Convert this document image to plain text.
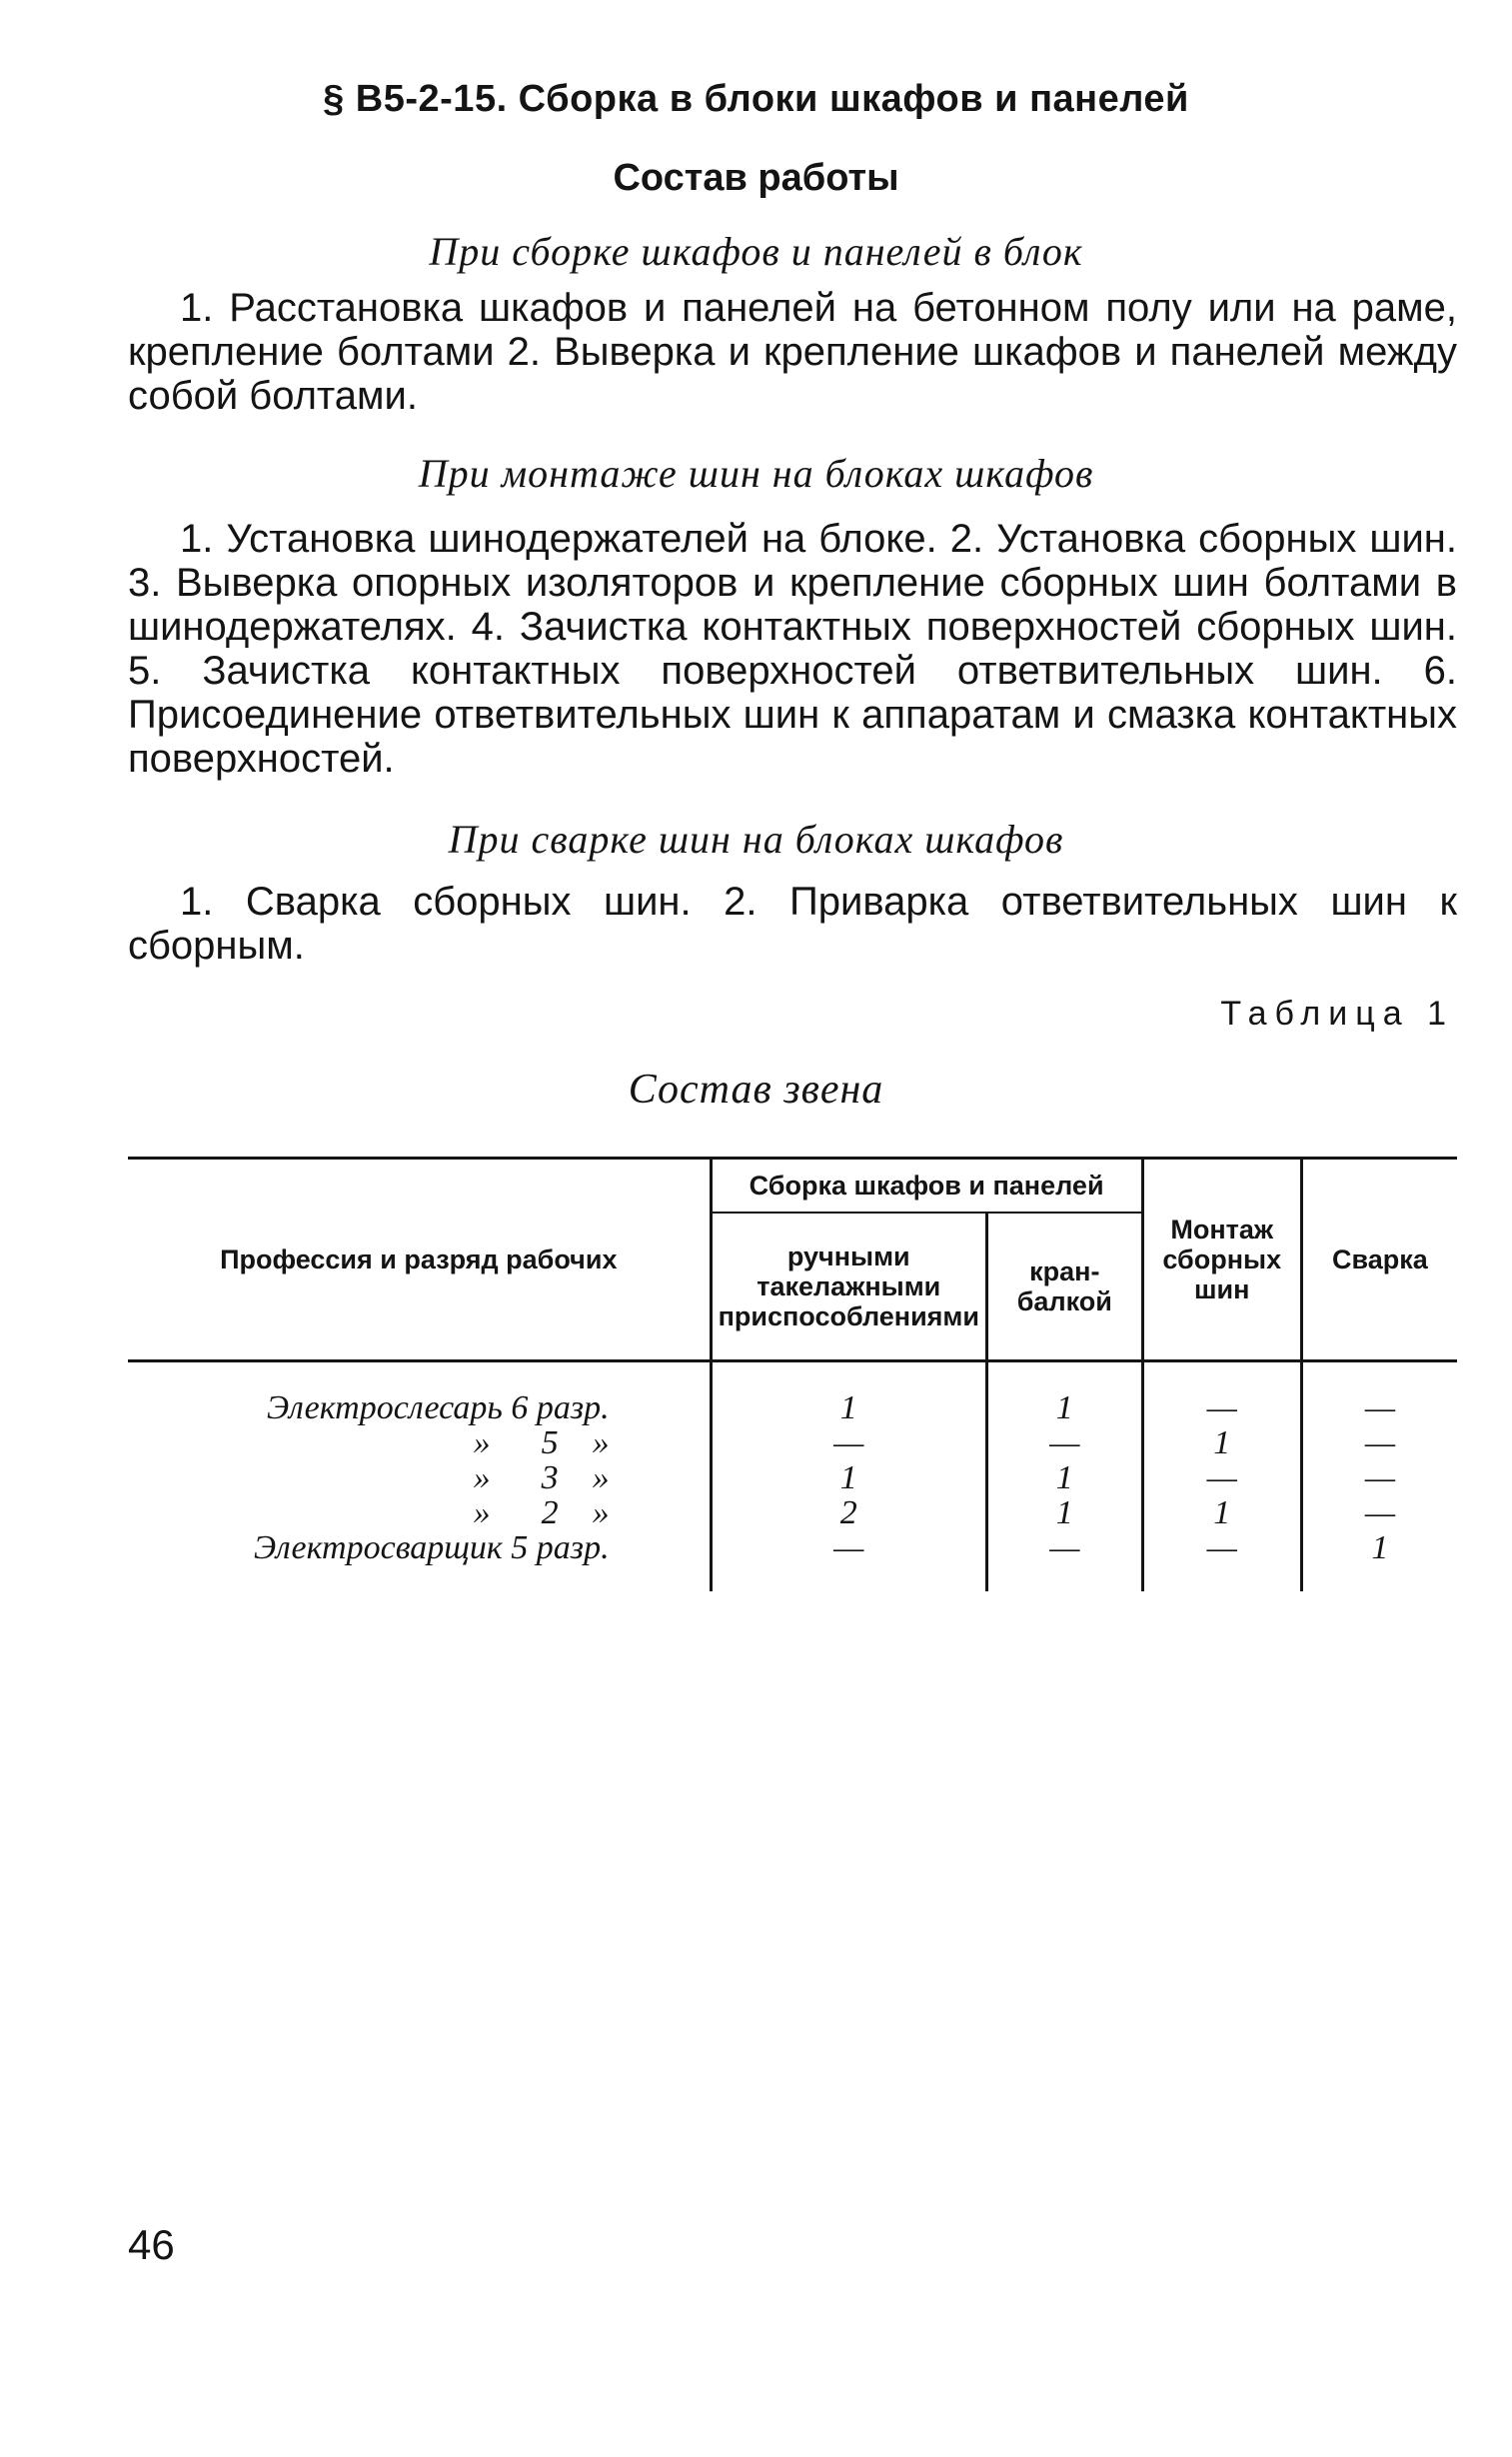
§ В5-2-15. Сборка в блоки шкафов и панелей
Состав работы
При сборке шкафов и панелей в блок
1. Расстановка шкафов и панелей на бетонном полу или на раме, крепление болтами 2. Выверка и крепление шкафов и панелей между собой болтами.
При монтаже шин на блоках шкафов
1. Установка шинодержателей на блоке. 2. Установка сборных шин. 3. Выверка опорных изоляторов и крепление сборных шин болтами в шинодержателях. 4. Зачистка контактных поверхностей сборных шин. 5. Зачистка контактных поверхностей ответвительных шин. 6. Присоединение ответвительных шин к аппаратам и смазка контактных поверхностей.
При сварке шин на блоках шкафов
1. Сварка сборных шин. 2. Приварка ответвительных шин к сборным.
Таблица 1
Состав звена
Профессия и разряд рабочих	Сборка шкафов и панелей		Монтаж сборных шин	Сварка
	ручными такелажными приспособлениями	кран-балкой		
Электрослесарь 6 разр.	1	1	—	—
»      5    »	—	—	1	—
»      3    »	1	1	—	—
»      2    »	2	1	1	—
Электросварщик 5 разр.	—	—	—	1
46
